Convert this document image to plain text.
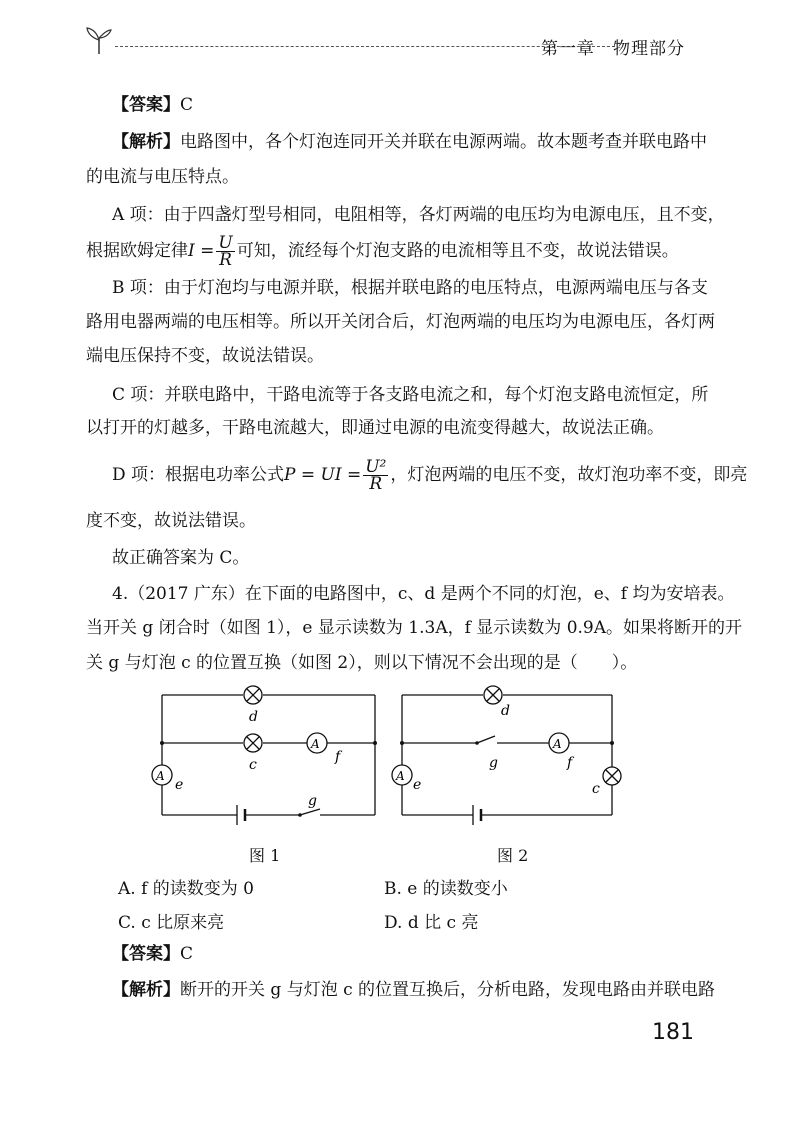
第一章　物理部分
【答案】C
【解析】电路图中，各个灯泡连同开关并联在电源两端。故本题考查并联电路中
的电流与电压特点。
A 项：由于四盏灯型号相同，电阻相等，各灯两端的电压均为电源电压，且不变，
根据欧姆定律$I = \frac{U}{R}$ 可知，流经每个灯泡支路的电流相等且不变，故说法错误。
B 项：由于灯泡均与电源并联，根据并联电路的电压特点，电源两端电压与各支
路用电器两端的电压相等。所以开关闭合后，灯泡两端的电压均为电源电压，各灯两
端电压保持不变，故说法错误。
C 项：并联电路中，干路电流等于各支路电流之和，每个灯泡支路电流恒定，所
以打开的灯越多，干路电流越大，即通过电源的电流变得越大，故说法正确。
D 项：根据电功率公式P = UI = $\frac{\text{U²}}{R}$ ，灯泡两端的电压不变，故灯泡功率不变，即亮
度不变，故说法错误。
故正确答案为 C。
4.（2017 广东）在下面的电路图中，c、d 是两个不同的灯泡，e、f 均为安培表。
当开关 g 闭合时（如图 1），e 显示读数为 1.3A，f 显示读数为 0.9A。如果将断开的开
关 g 与灯泡 c 的位置互换（如图 2），则以下情况不会出现的是（　　）。
d
c	f
A
A
e
g
图 1
d
g	f
A
c
A
e
图 2
A. f 的读数变为 0	B. e 的读数变小
C. c 比原来亮	D. d 比 c 亮
【答案】C
【解析】断开的开关 g 与灯泡 c 的位置互换后，分析电路，发现电路由并联电路
181
